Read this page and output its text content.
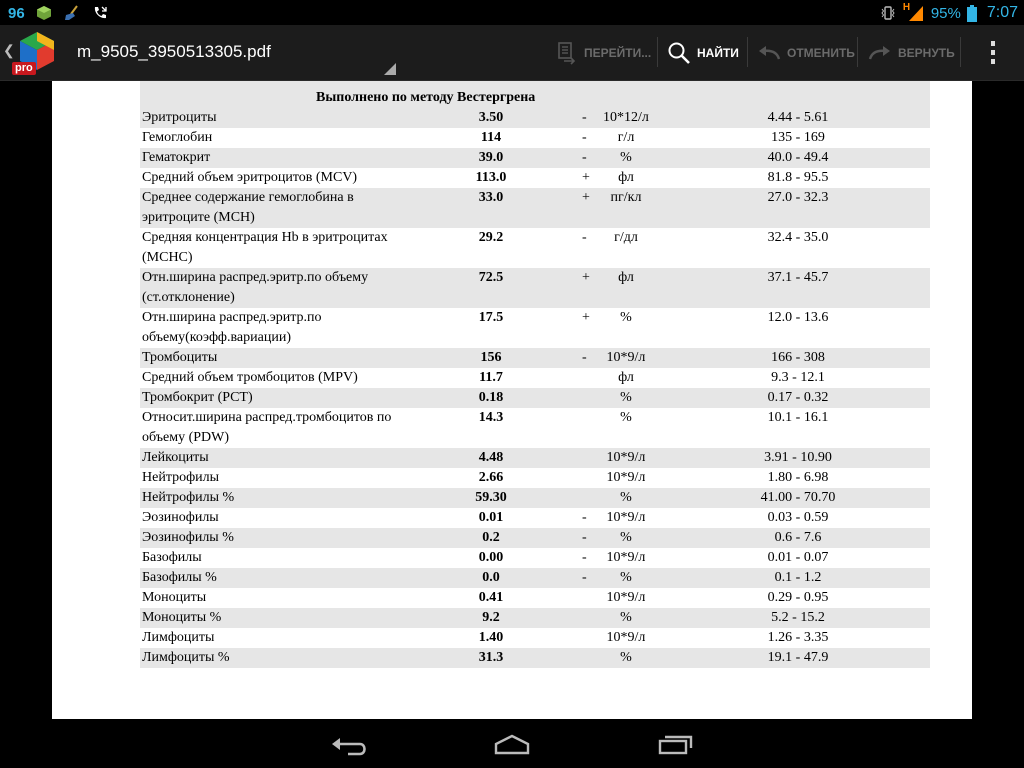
96	H 95% 7:07
❮
pro
m_9505_3950513305.pdf	ПЕРЕЙТИ...	НАЙТИ	ОТМЕНИТЬ	ВЕРНУТЬ
Выполнено по методу Вестергрена				
Эритроциты	3.50	-	10*12/л	4.44 - 5.61
Гемоглобин	114	-	г/л	135 - 169
Гематокрит	39.0	-	%	40.0 - 49.4
Средний объем эритроцитов (MCV)	113.0	+	фл	81.8 - 95.5
Среднее содержание гемоглобина в эритроците (MCH)	33.0	+	пг/кл	27.0 - 32.3
Средняя концентрация Hb в эритроцитах (MCHC)	29.2	-	г/дл	32.4 - 35.0
Отн.ширина распред.эритр.по объему (ст.отклонение)	72.5	+	фл	37.1 - 45.7
Отн.ширина распред.эритр.по объему(коэфф.вариации)	17.5	+	%	12.0 - 13.6
Тромбоциты	156	-	10*9/л	166 - 308
Средний объем тромбоцитов (MPV)	11.7		фл	9.3 - 12.1
Тромбокрит (PCT)	0.18		%	0.17 - 0.32
Относит.ширина распред.тромбоцитов по объему (PDW)	14.3		%	10.1 - 16.1
Лейкоциты	4.48		10*9/л	3.91 - 10.90
Нейтрофилы	2.66		10*9/л	1.80 - 6.98
Нейтрофилы %	59.30		%	41.00 - 70.70
Эозинофилы	0.01	-	10*9/л	0.03 - 0.59
Эозинофилы %	0.2	-	%	0.6 - 7.6
Базофилы	0.00	-	10*9/л	0.01 - 0.07
Базофилы %	0.0	-	%	0.1 - 1.2
Моноциты	0.41		10*9/л	0.29 - 0.95
Моноциты %	9.2		%	5.2 - 15.2
Лимфоциты	1.40		10*9/л	1.26 - 3.35
Лимфоциты %	31.3		%	19.1 - 47.9
